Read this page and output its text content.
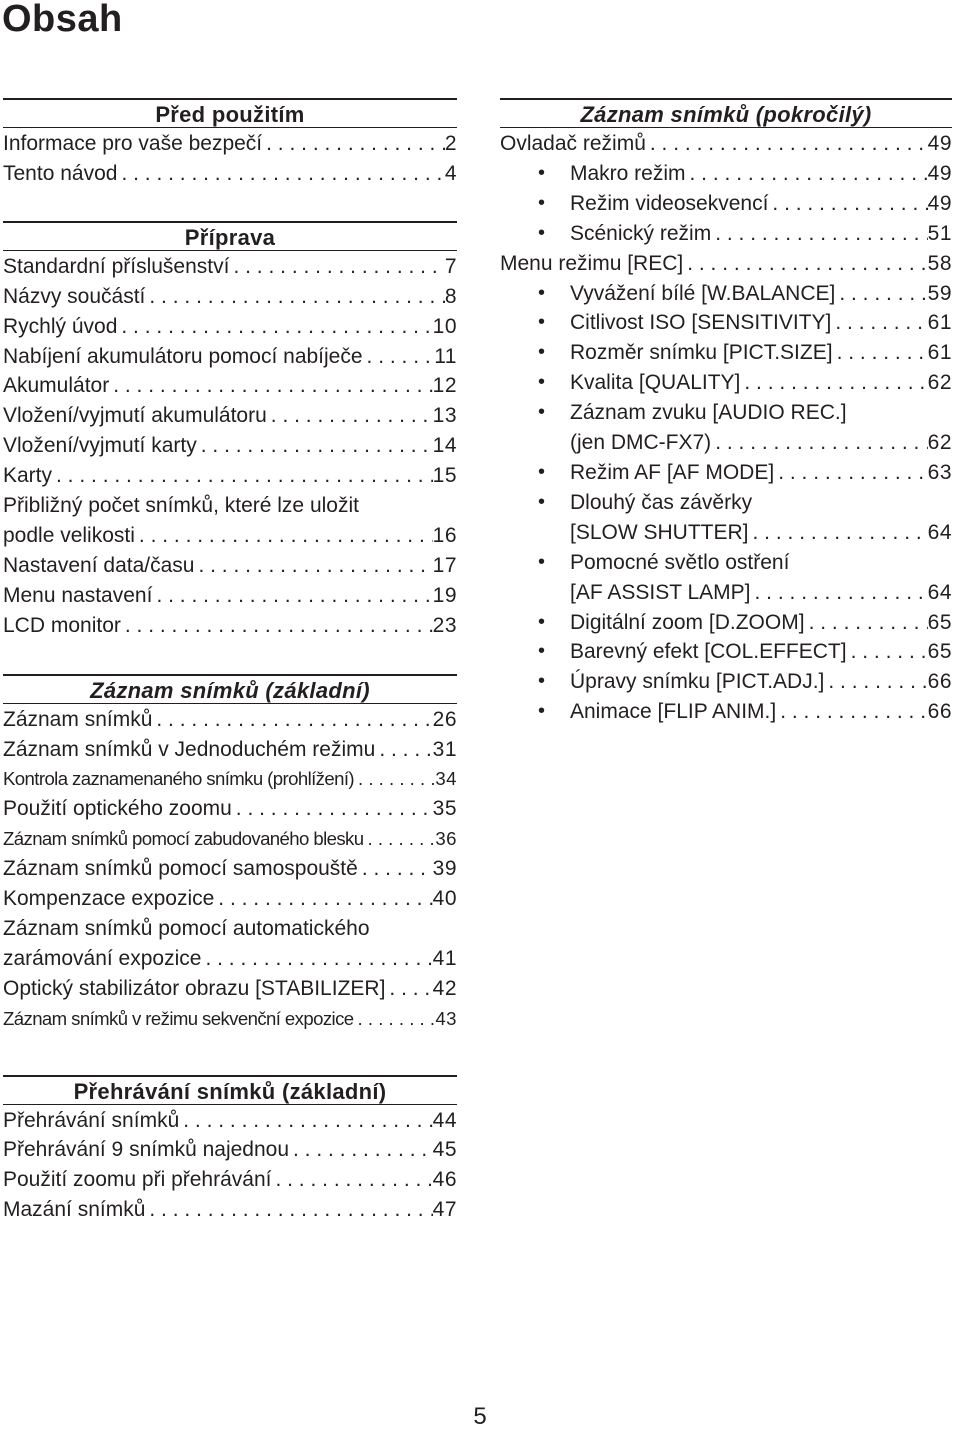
Obsah
Před použitím
Informace pro vaše bezpečí . . .	2
Tento návod . . .	4
Příprava
Standardní příslušenství . . .	7
Názvy součástí . . .	8
Rychlý úvod . . .	10
Nabíjení akumulátoru pomocí nabíječe . . .	11
Akumulátor . . .	12
Vložení/vyjmutí akumulátoru . . .	13
Vložení/vyjmutí karty . . .	14
Karty . . .	15
Přibližný počet snímků, které lze uložit
podle velikosti . . .	16
Nastavení data/času . . .	17
Menu nastavení . . .	19
LCD monitor . . .	23
Záznam snímků (základní)
Záznam snímků . . .	26
Záznam snímků v Jednoduchém režimu . . .	31
Kontrola zaznamenaného snímku (prohlížení) . . .	34
Použití optického zoomu . . .	35
Záznam snímků pomocí zabudovaného blesku . . .	36
Záznam snímků pomocí samospouště . . .	39
Kompenzace expozice . . .	40
Záznam snímků pomocí automatického
zarámování expozice . . .	41
Optický stabilizátor obrazu [STABILIZER] . . . 42
Záznam snímků v režimu sekvenční expozice . . .	43
Přehrávání snímků (základní)
Přehrávání snímků . . .	44
Přehrávání 9 snímků najednou . . .	45
Použití zoomu při přehrávání . . .	46
Mazání snímků . . .	47
Záznam snímků (pokročilý)
Ovladač režimů . . .	49
• Makro režim . . .	49
• Režim videosekvencí . . .	49
• Scénický režim . . .	51
Menu režimu [REC] . . .	58
• Vyvážení bílé [W.BALANCE] . . .	59
• Citlivost ISO [SENSITIVITY] . . .	61
• Rozměr snímku [PICT.SIZE] . . .	61
• Kvalita [QUALITY] . . .	62
• Záznam zvuku [AUDIO REC.]
(jen DMC-FX7) . . .	62
• Režim AF [AF MODE] . . .	63
• Dlouhý čas závěrky
[SLOW SHUTTER] . . .	64
• Pomocné světlo ostření
[AF ASSIST LAMP] . . .	64
• Digitální zoom [D.ZOOM] . . .	65
• Barevný efekt [COL.EFFECT] . . .	65
• Úpravy snímku [PICT.ADJ.] . . .	66
• Animace [FLIP ANIM.] . . .	66
5
